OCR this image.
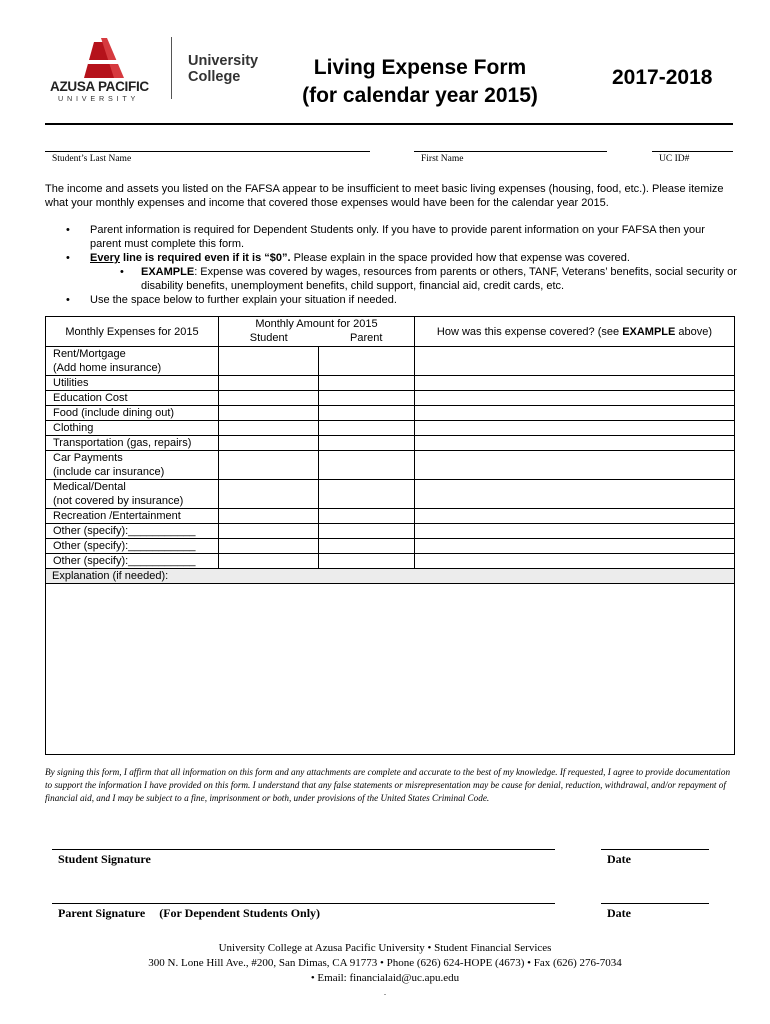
AZUSA PACIFIC
UNIVERSITY
University
College	Living Expense Form
(for calendar year 2015)
2017-2018
Student’s Last Name	First Name	UC ID#
The income and assets you listed on the FAFSA appear to be insufficient to meet basic living expenses (housing, food, etc.). Please itemize what your monthly expenses and income that covered those expenses would have been for the calendar year 2015.
• Parent information is required for Dependent Students only. If you have to provide parent information on your FAFSA then your parent must complete this form.
• Every line is required even if it is “$0”. Please explain in the space provided how that expense was covered.
• EXAMPLE: Expense was covered by wages, resources from parents or others, TANF, Veterans’ benefits, social security or disability benefits, unemployment benefits, child support, financial aid, credit cards, etc.
• Use the space below to further explain your situation if needed.
Monthly Expenses for 2015	Monthly Amount for 2015		How was this expense covered? (see EXAMPLE above)
	Student	Parent	

Rent/Mortgage
(Add home insurance)			

Utilities			

Education Cost			

Food (include dining out)			

Clothing			

Transportation (gas, repairs)			

Car Payments
(include car insurance)			

Medical/Dental
(not covered by insurance)			

Recreation /Entertainment			

Other (specify):___________			

Other (specify):___________			

Other (specify):___________			

Explanation (if needed):
By signing this form, I affirm that all information on this form and any attachments are complete and accurate to the best of my knowledge. If requested, I agree to provide documentation to support the information I have provided on this form. I understand that any false statements or misrepresentation may be cause for denial, reduction, withdrawal, and/or repayment of financial aid, and I may be subject to a fine, imprisonment or both, under provisions of the United States Criminal Code.
Student Signature	Date
Parent Signature (For Dependent Students Only)	Date
University College at Azusa Pacific University • Student Financial Services
300 N. Lone Hill Ave., #200, San Dimas, CA 91773 • Phone (626) 624-HOPE (4673) • Fax (626) 276-7034
• Email: financialaid@uc.apu.edu
.
